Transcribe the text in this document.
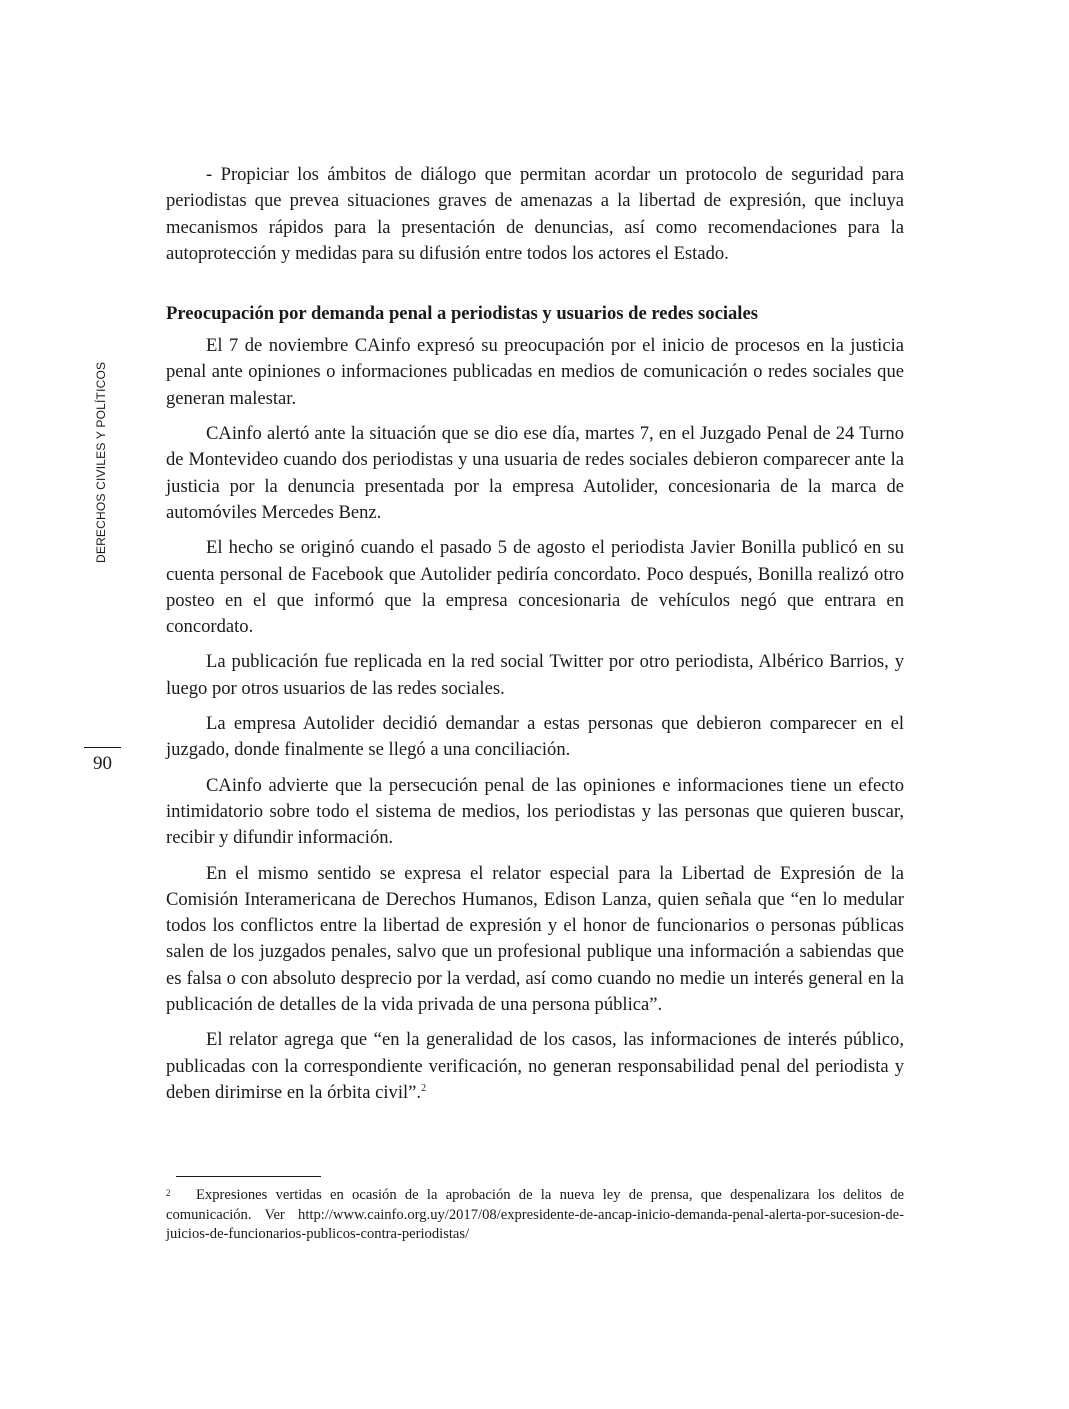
DERECHOS CIVILES Y POLÍTICOS
90

- Propiciar los ámbitos de diálogo que permitan acordar un protocolo de seguridad para periodistas que prevea situaciones graves de amenazas a la libertad de expresión, que incluya mecanismos rápidos para la presentación de denuncias, así como recomendaciones para la autoprotección y medidas para su difusión entre todos los actores el Estado.

Preocupación por demanda penal a periodistas y usuarios de redes sociales

El 7 de noviembre CAinfo expresó su preocupación por el inicio de procesos en la justicia penal ante opiniones o informaciones publicadas en medios de comunicación o redes sociales que generan malestar.

CAinfo alertó ante la situación que se dio ese día, martes 7, en el Juzgado Penal de 24 Turno de Montevideo cuando dos periodistas y una usuaria de redes sociales debieron comparecer ante la justicia por la denuncia presentada por la empresa Autolider, concesionaria de la marca de automóviles Mercedes Benz.

El hecho se originó cuando el pasado 5 de agosto el periodista Javier Bonilla publicó en su cuenta personal de Facebook que Autolider pediría concordato. Poco después, Bonilla realizó otro posteo en el que informó que la empresa concesionaria de vehículos negó que entrara en concordato.

La publicación fue replicada en la red social Twitter por otro periodista, Albérico Barrios, y luego por otros usuarios de las redes sociales.

La empresa Autolider decidió demandar a estas personas que debieron comparecer en el juzgado, donde finalmente se llegó a una conciliación.

CAinfo advierte que la persecución penal de las opiniones e informaciones tiene un efecto intimidatorio sobre todo el sistema de medios, los periodistas y las personas que quieren buscar, recibir y difundir información.

En el mismo sentido se expresa el relator especial para la Libertad de Expresión de la Comisión Interamericana de Derechos Humanos, Edison Lanza, quien señala que “en lo medular todos los conflictos entre la libertad de expresión y el honor de funcionarios o personas públicas salen de los juzgados penales, salvo que un profesional publique una información a sabiendas que es falsa o con absoluto desprecio por la verdad, así como cuando no medie un interés general en la publicación de detalles de la vida privada de una persona pública”.

El relator agrega que “en la generalidad de los casos, las informaciones de interés público, publicadas con la correspondiente verificación, no generan responsabilidad penal del periodista y deben dirimirse en la órbita civil”.$^2$

2 Expresiones vertidas en ocasión de la aprobación de la nueva ley de prensa, que despenalizara los delitos de comunicación. Ver http://www.cainfo.org.uy/2017/08/expresidente-de-ancap-inicio-demanda-penal-alerta-por-sucesion-de-juicios-de-funcionarios-publicos-contra-periodistas/
